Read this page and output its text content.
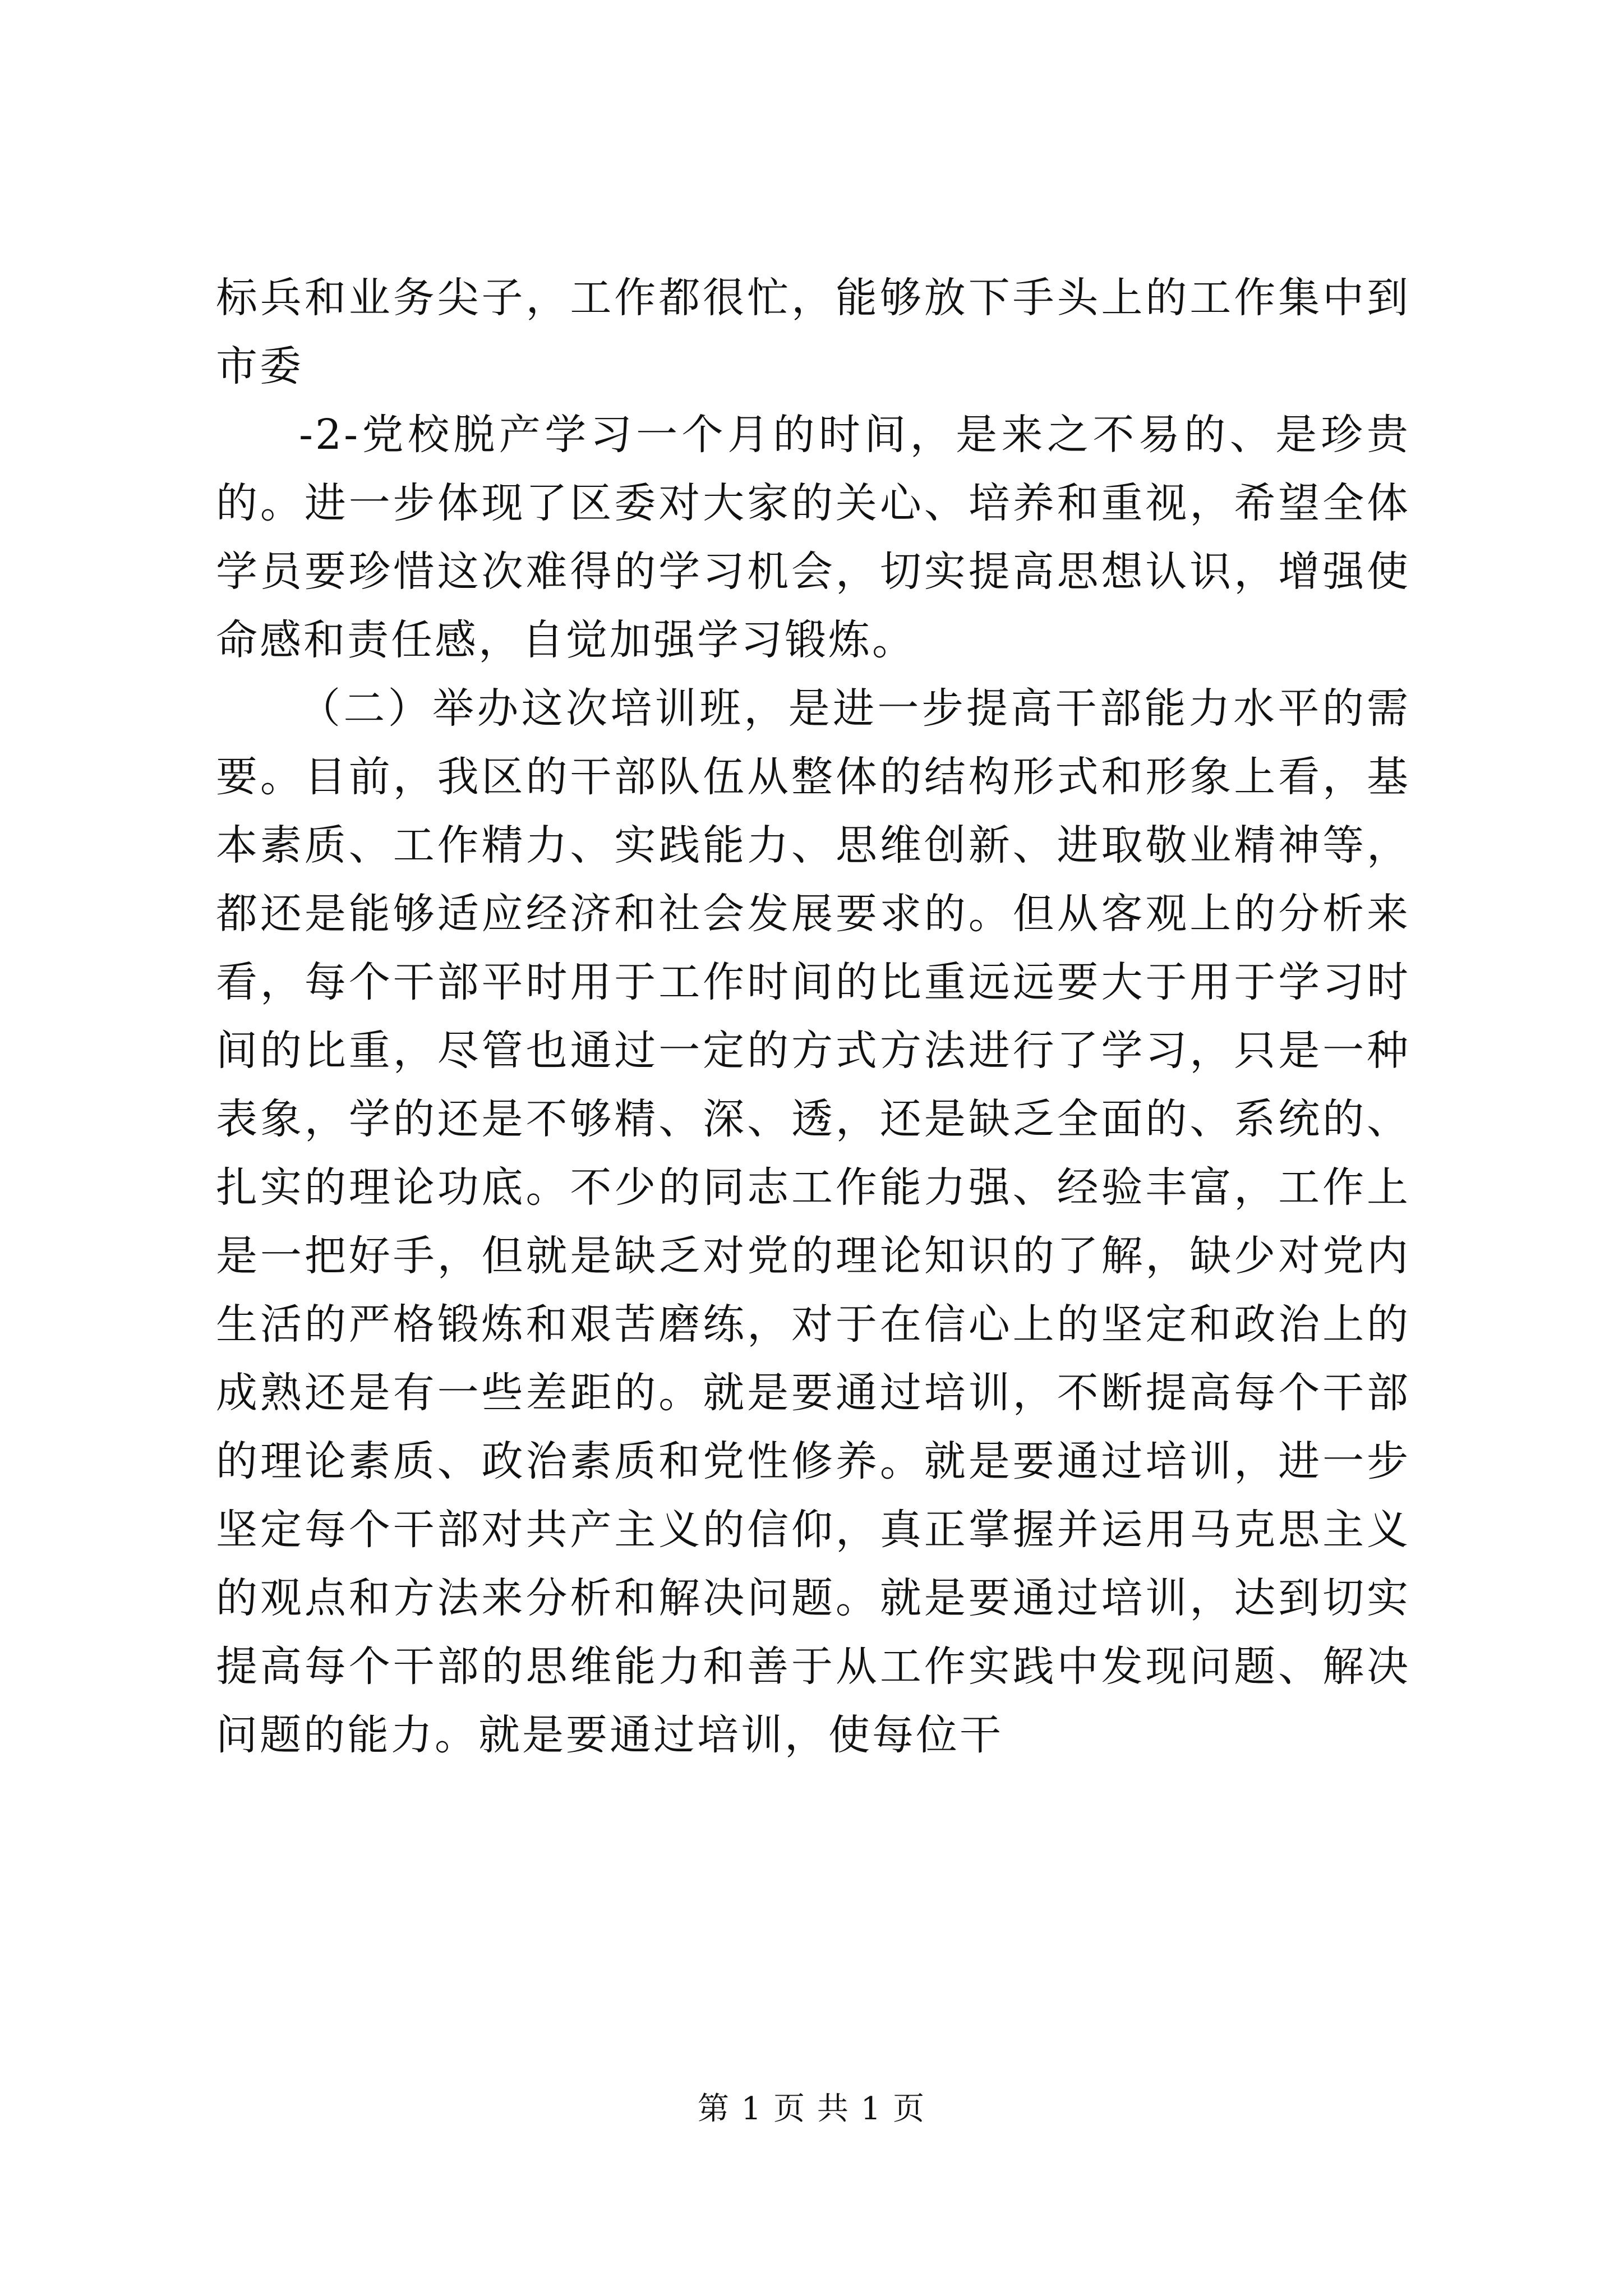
标兵和业务尖子，工作都很忙，能够放下手头上的工作集中到市委

-2-党校脱产学习一个月的时间，是来之不易的、是珍贵的。进一步体现了区委对大家的关心、培养和重视，希望全体学员要珍惜这次难得的学习机会，切实提高思想认识，增强使命感和责任感，自觉加强学习锻炼。

（二）举办这次培训班，是进一步提高干部能力水平的需要。目前，我区的干部队伍从整体的结构形式和形象上看，基本素质、工作精力、实践能力、思维创新、进取敬业精神等，都还是能够适应经济和社会发展要求的。但从客观上的分析来看，每个干部平时用于工作时间的比重远远要大于用于学习时间的比重，尽管也通过一定的方式方法进行了学习，只是一种表象，学的还是不够精、深、透，还是缺乏全面的、系统的、扎实的理论功底。不少的同志工作能力强、经验丰富，工作上是一把好手，但就是缺乏对党的理论知识的了解，缺少对党内生活的严格锻炼和艰苦磨练，对于在信心上的坚定和政治上的成熟还是有一些差距的。就是要通过培训，不断提高每个干部的理论素质、政治素质和党性修养。就是要通过培训，进一步坚定每个干部对共产主义的信仰，真正掌握并运用马克思主义的观点和方法来分析和解决问题。就是要通过培训，达到切实提高每个干部的思维能力和善于从工作实践中发现问题、解决问题的能力。就是要通过培训，使每位干

第 1 页 共 1 页
